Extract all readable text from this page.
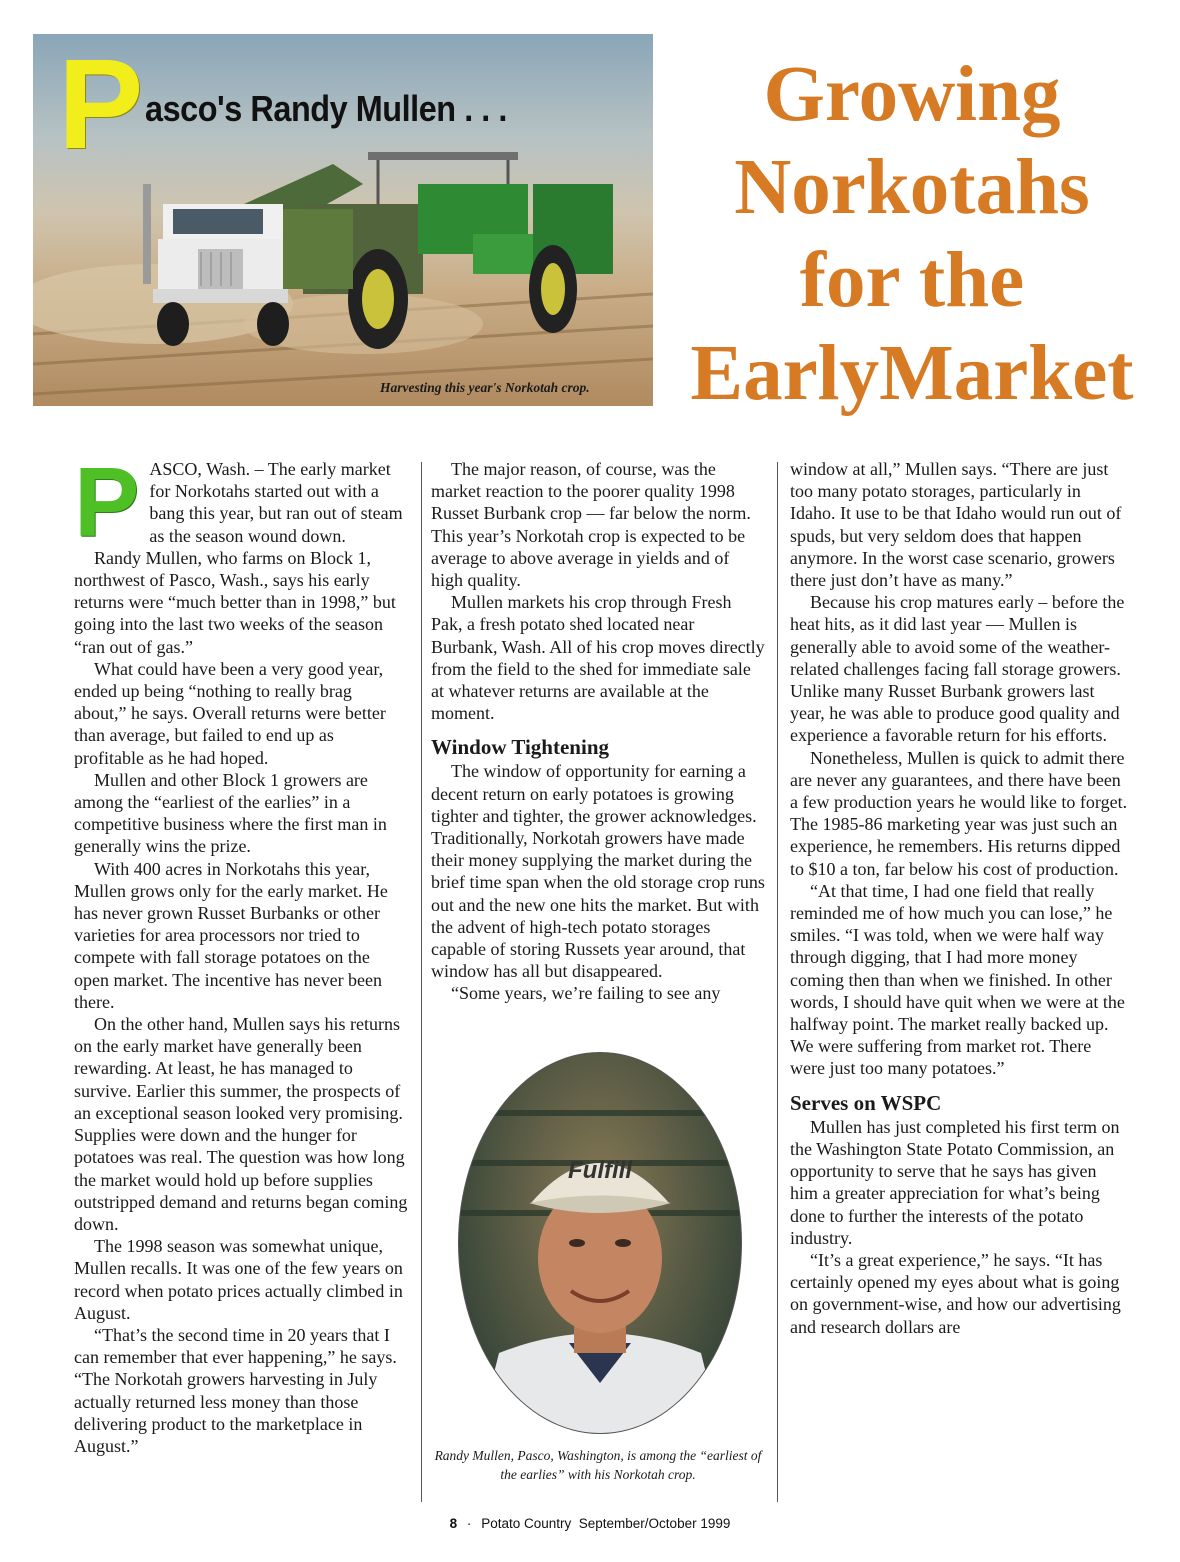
P asco's Randy Mullen . . .
Harvesting this year's Norkotah crop.
Growing
Norkotahs
for the
EarlyMarket
P ASCO, Wash. – The early market for Norkotahs started out with a bang this year, but ran out of steam as the season wound down.

Randy Mullen, who farms on Block 1, northwest of Pasco, Wash., says his early returns were “much better than in 1998,” but going into the last two weeks of the season “ran out of gas.”

What could have been a very good year, ended up being “nothing to really brag about,” he says. Overall returns were better than average, but failed to end up as profitable as he had hoped.

Mullen and other Block 1 growers are among the “earliest of the earlies” in a competitive business where the first man in generally wins the prize.

With 400 acres in Norkotahs this year, Mullen grows only for the early market. He has never grown Russet Burbanks or other varieties for area processors nor tried to compete with fall storage potatoes on the open market. The incentive has never been there.

On the other hand, Mullen says his returns on the early market have generally been rewarding. At least, he has managed to survive. Earlier this summer, the prospects of an exceptional season looked very promising. Supplies were down and the hunger for potatoes was real. The question was how long the market would hold up before supplies outstripped demand and returns began coming down.

The 1998 season was somewhat unique, Mullen recalls. It was one of the few years on record when potato prices actually climbed in August.

“That’s the second time in 20 years that I can remember that ever happening,” he says. “The Norkotah growers harvesting in July actually returned less money than those delivering product to the marketplace in August.”

The major reason, of course, was the market reaction to the poorer quality 1998 Russet Burbank crop — far below the norm. This year’s Norkotah crop is expected to be average to above average in yields and of high quality.

Mullen markets his crop through Fresh Pak, a fresh potato shed located near Burbank, Wash. All of his crop moves directly from the field to the shed for immediate sale at whatever returns are available at the moment.

Window Tightening

The window of opportunity for earning a decent return on early potatoes is growing tighter and tighter, the grower acknowledges. Traditionally, Norkotah growers have made their money supplying the market during the brief time span when the old storage crop runs out and the new one hits the market. But with the advent of high-tech potato storages capable of storing Russets year around, that window has all but disappeared.

“Some years, we’re failing to see any

Fulfill
Randy Mullen, Pasco, Washington, is among the “earliest of the earlies” with his Norkotah crop.

window at all,” Mullen says. “There are just too many potato storages, particularly in Idaho. It use to be that Idaho would run out of spuds, but very seldom does that happen anymore. In the worst case scenario, growers there just don’t have as many.”

Because his crop matures early – before the heat hits, as it did last year — Mullen is generally able to avoid some of the weather-related challenges facing fall storage growers. Unlike many Russet Burbank growers last year, he was able to produce good quality and experience a favorable return for his efforts.

Nonetheless, Mullen is quick to admit there are never any guarantees, and there have been a few production years he would like to forget. The 1985-86 marketing year was just such an experience, he remembers. His returns dipped to $10 a ton, far below his cost of production.

“At that time, I had one field that really reminded me of how much you can lose,” he smiles. “I was told, when we were half way through digging, that I had more money coming then than when we finished. In other words, I should have quit when we were at the halfway point. The market really backed up. We were suffering from market rot. There were just too many potatoes.”

Serves on WSPC

Mullen has just completed his first term on the Washington State Potato Commission, an opportunity to serve that he says has given him a greater appreciation for what’s being done to further the interests of the potato industry.

“It’s a great experience,” he says. “It has certainly opened my eyes about what is going on government-wise, and how our advertising and research dollars are

8 · Potato Country September/October 1999
